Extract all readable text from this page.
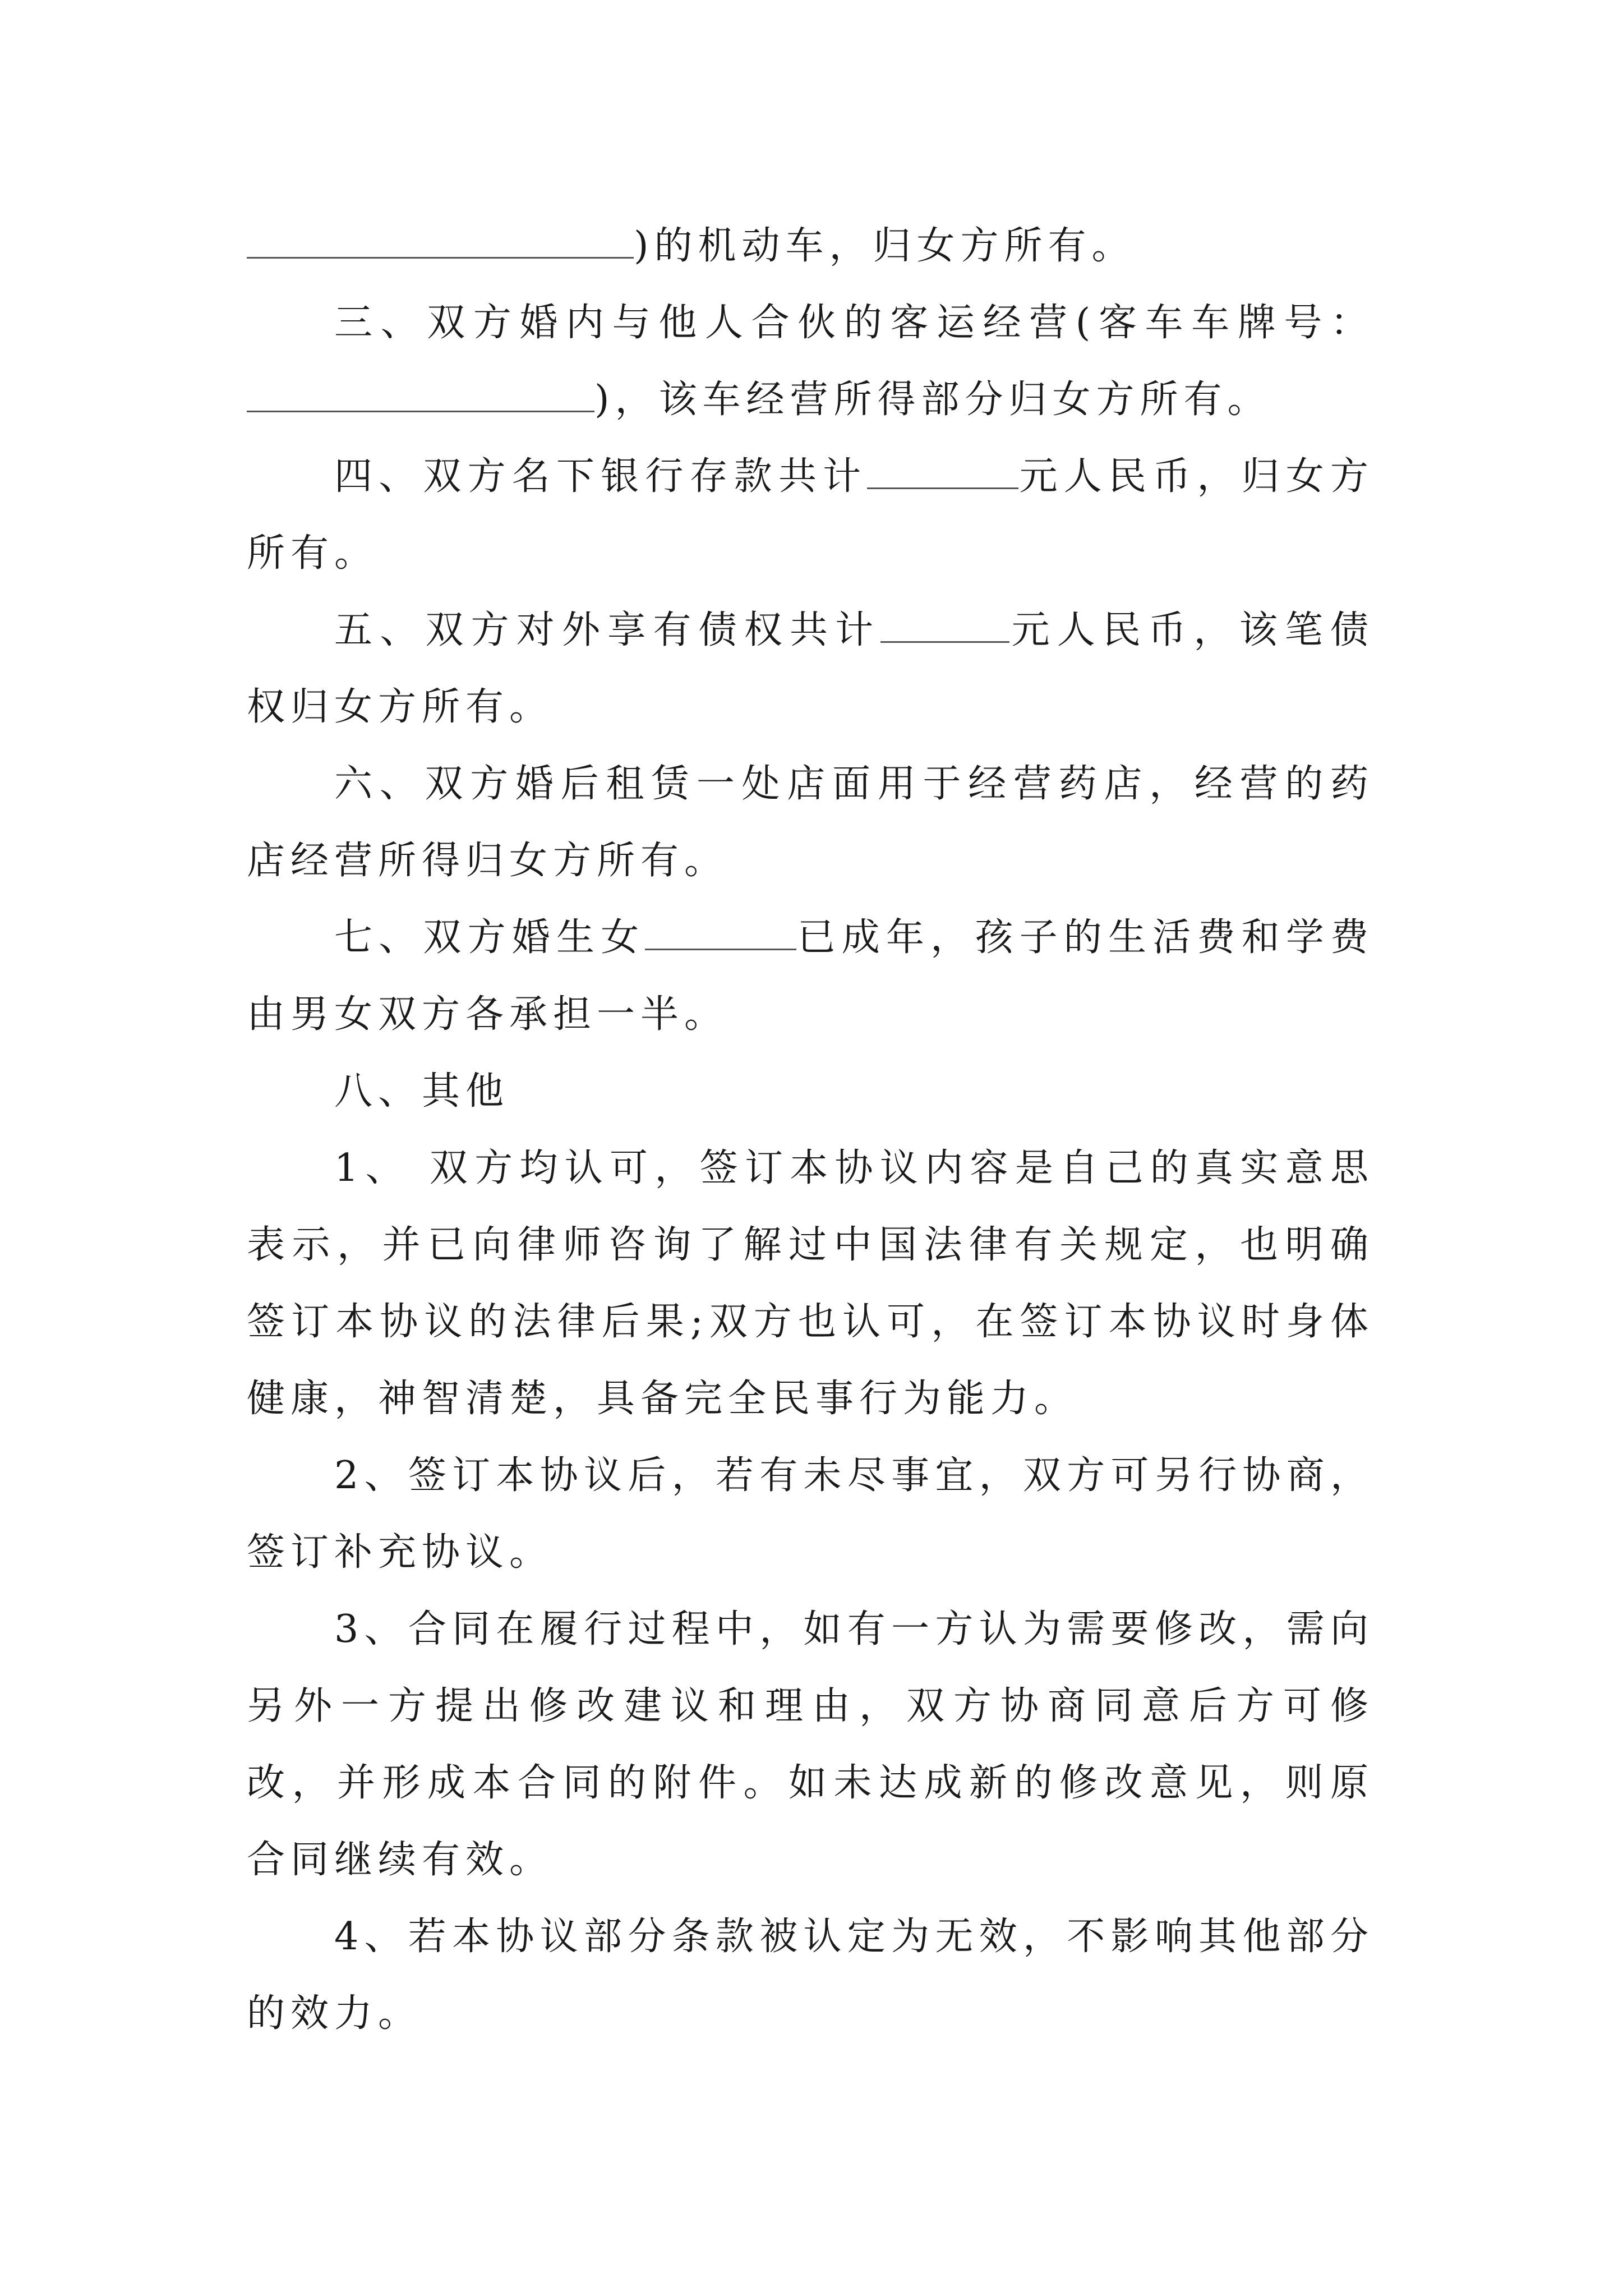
)的机动车，归女方所有。

三、双方婚内与他人合伙的客运经营(客车车牌号：)，该车经营所得部分归女方所有。

四、双方名下银行存款共计	元人民币，归女方所有。

五、双方对外享有债权共计	元人民币，该笔债权归女方所有。

六、双方婚后租赁一处店面用于经营药店，经营的药店经营所得归女方所有。

七、双方婚生女	已成年，孩子的生活费和学费由男女双方各承担一半。

八、其他

1、 双方均认可，签订本协议内容是自己的真实意思表示，并已向律师咨询了解过中国法律有关规定，也明确签订本协议的法律后果;双方也认可，在签订本协议时身体健康，神智清楚，具备完全民事行为能力。

2、签订本协议后，若有未尽事宜，双方可另行协商，签订补充协议。

3、合同在履行过程中，如有一方认为需要修改，需向另外一方提出修改建议和理由，双方协商同意后方可修改，并形成本合同的附件。如未达成新的修改意见，则原合同继续有效。

4、若本协议部分条款被认定为无效，不影响其他部分的效力。
